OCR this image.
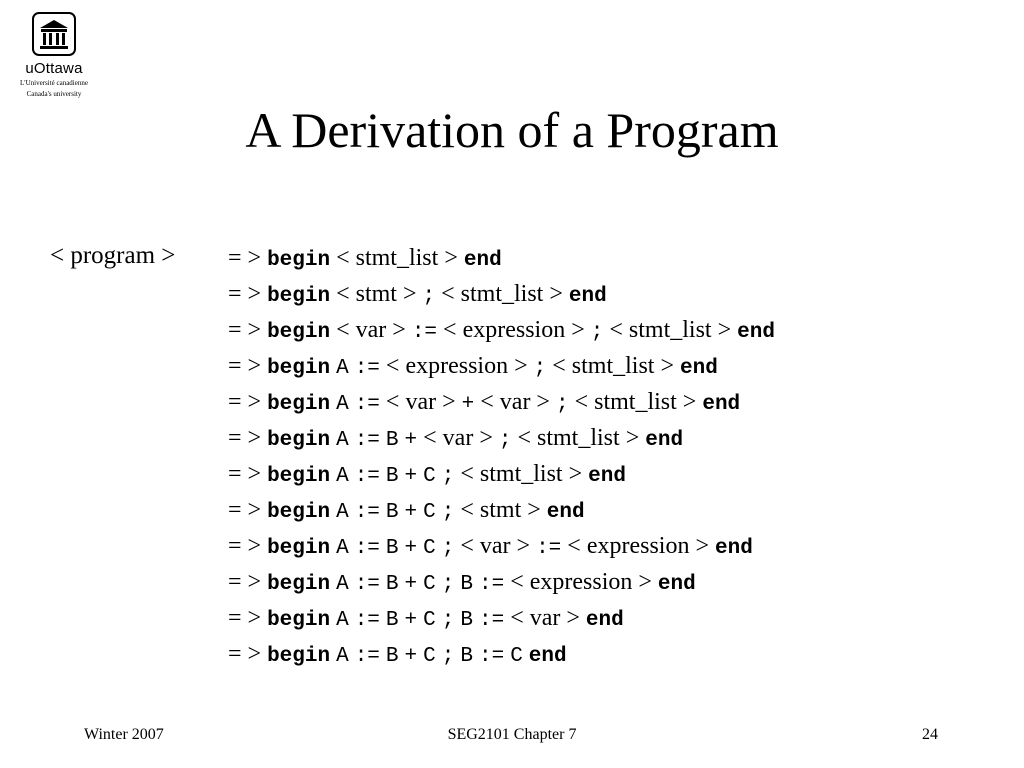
uOttawa
L'Université canadienne
Canada's university
A Derivation of a Program
< program > = > begin < stmt_list > end
= > begin < stmt > ; < stmt_list > end
= > begin < var > := < expression > ; < stmt_list > end
= > begin A := < expression > ; < stmt_list > end
= > begin A := < var > + < var > ; < stmt_list > end
= > begin A := B + < var > ; < stmt_list > end
= > begin A := B + C ; < stmt_list > end
= > begin A := B + C ; < stmt > end
= > begin A := B + C ; < var > := < expression > end
= > begin A := B + C ; B := < expression > end
= > begin A := B + C ; B := < var > end
= > begin A := B + C ; B := C end
Winter 2007	SEG2101 Chapter 7	24
